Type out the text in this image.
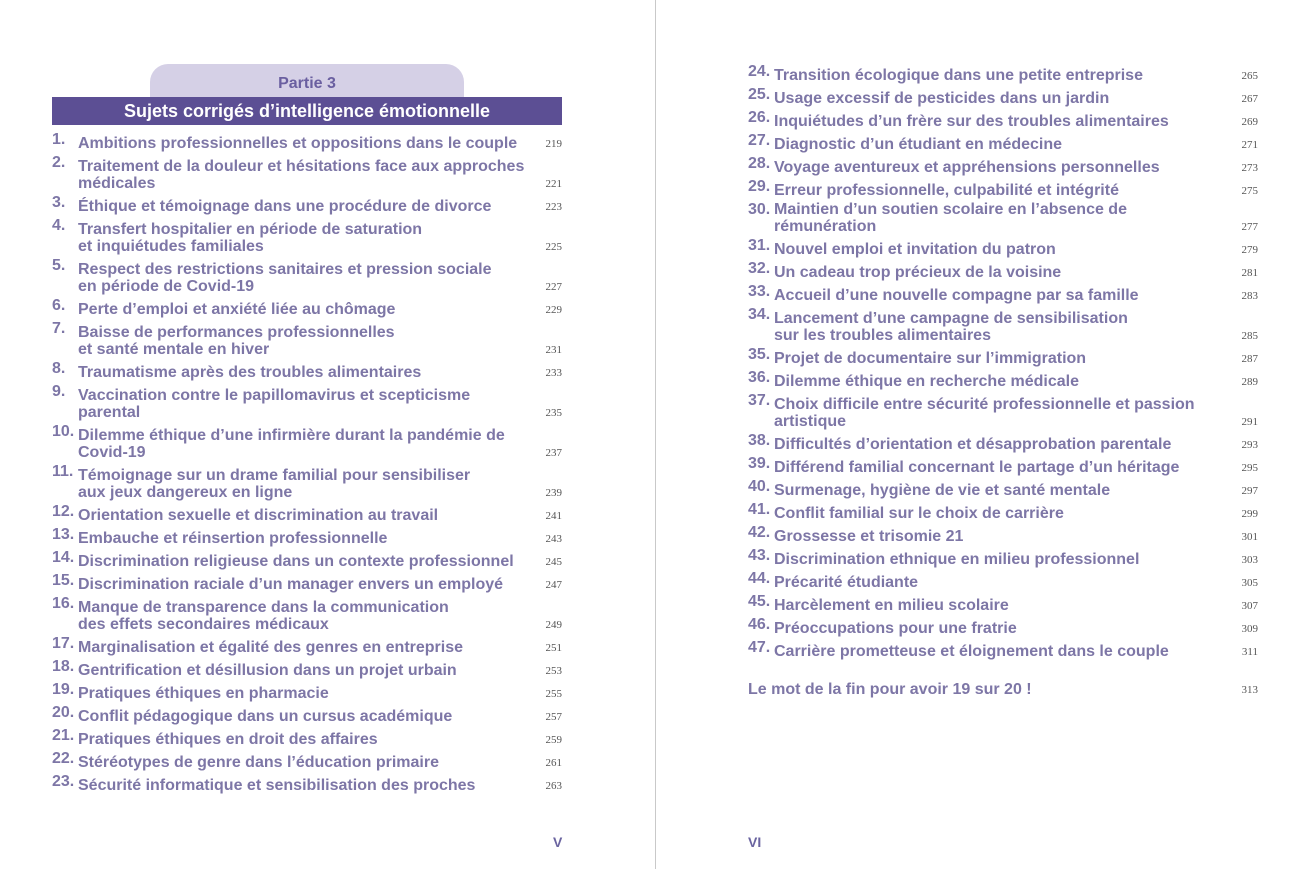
Partie 3
Sujets corrigés d’intelligence émotionnelle
1. Ambitions professionnelles et oppositions dans le couple	219
2. Traitement de la douleur et hésitations face aux approches
médicales	221
3. Éthique et témoignage dans une procédure de divorce	223
4. Transfert hospitalier en période de saturation
et inquiétudes familiales	225
5. Respect des restrictions sanitaires et pression sociale
en période de Covid-19	227
6. Perte d’emploi et anxiété liée au chômage	229
7. Baisse de performances professionnelles
et santé mentale en hiver	231
8. Traumatisme après des troubles alimentaires	233
9. Vaccination contre le papillomavirus et scepticisme
parental	235
10. Dilemme éthique d’une infirmière durant la pandémie de
Covid-19	237
11. Témoignage sur un drame familial pour sensibiliser
aux jeux dangereux en ligne	239
12. Orientation sexuelle et discrimination au travail	241
13. Embauche et réinsertion professionnelle	243
14. Discrimination religieuse dans un contexte professionnel	245
15. Discrimination raciale d’un manager envers un employé	247
16. Manque de transparence dans la communication
des effets secondaires médicaux	249
17. Marginalisation et égalité des genres en entreprise	251
18. Gentrification et désillusion dans un projet urbain	253
19. Pratiques éthiques en pharmacie	255
20. Conflit pédagogique dans un cursus académique	257
21. Pratiques éthiques en droit des affaires	259
22. Stéréotypes de genre dans l’éducation primaire	261
23. Sécurité informatique et sensibilisation des proches	263
24. Transition écologique dans une petite entreprise	265
25. Usage excessif de pesticides dans un jardin	267
26. Inquiétudes d’un frère sur des troubles alimentaires	269
27. Diagnostic d’un étudiant en médecine	271
28. Voyage aventureux et appréhensions personnelles	273
29. Erreur professionnelle, culpabilité et intégrité	275
30. Maintien d’un soutien scolaire en l’absence de rémunération	277
31. Nouvel emploi et invitation du patron	279
32. Un cadeau trop précieux de la voisine	281
33. Accueil d’une nouvelle compagne par sa famille	283
34. Lancement d’une campagne de sensibilisation
sur les troubles alimentaires	285
35. Projet de documentaire sur l’immigration	287
36. Dilemme éthique en recherche médicale	289
37. Choix difficile entre sécurité professionnelle et passion
artistique	291
38. Difficultés d’orientation et désapprobation parentale	293
39. Différend familial concernant le partage d’un héritage	295
40. Surmenage, hygiène de vie et santé mentale	297
41. Conflit familial sur le choix de carrière	299
42. Grossesse et trisomie 21	301
43. Discrimination ethnique en milieu professionnel	303
44. Précarité étudiante	305
45. Harcèlement en milieu scolaire	307
46. Préoccupations pour une fratrie	309
47. Carrière prometteuse et éloignement dans le couple	311
Le mot de la fin pour avoir 19 sur 20 !	313
V	VI
